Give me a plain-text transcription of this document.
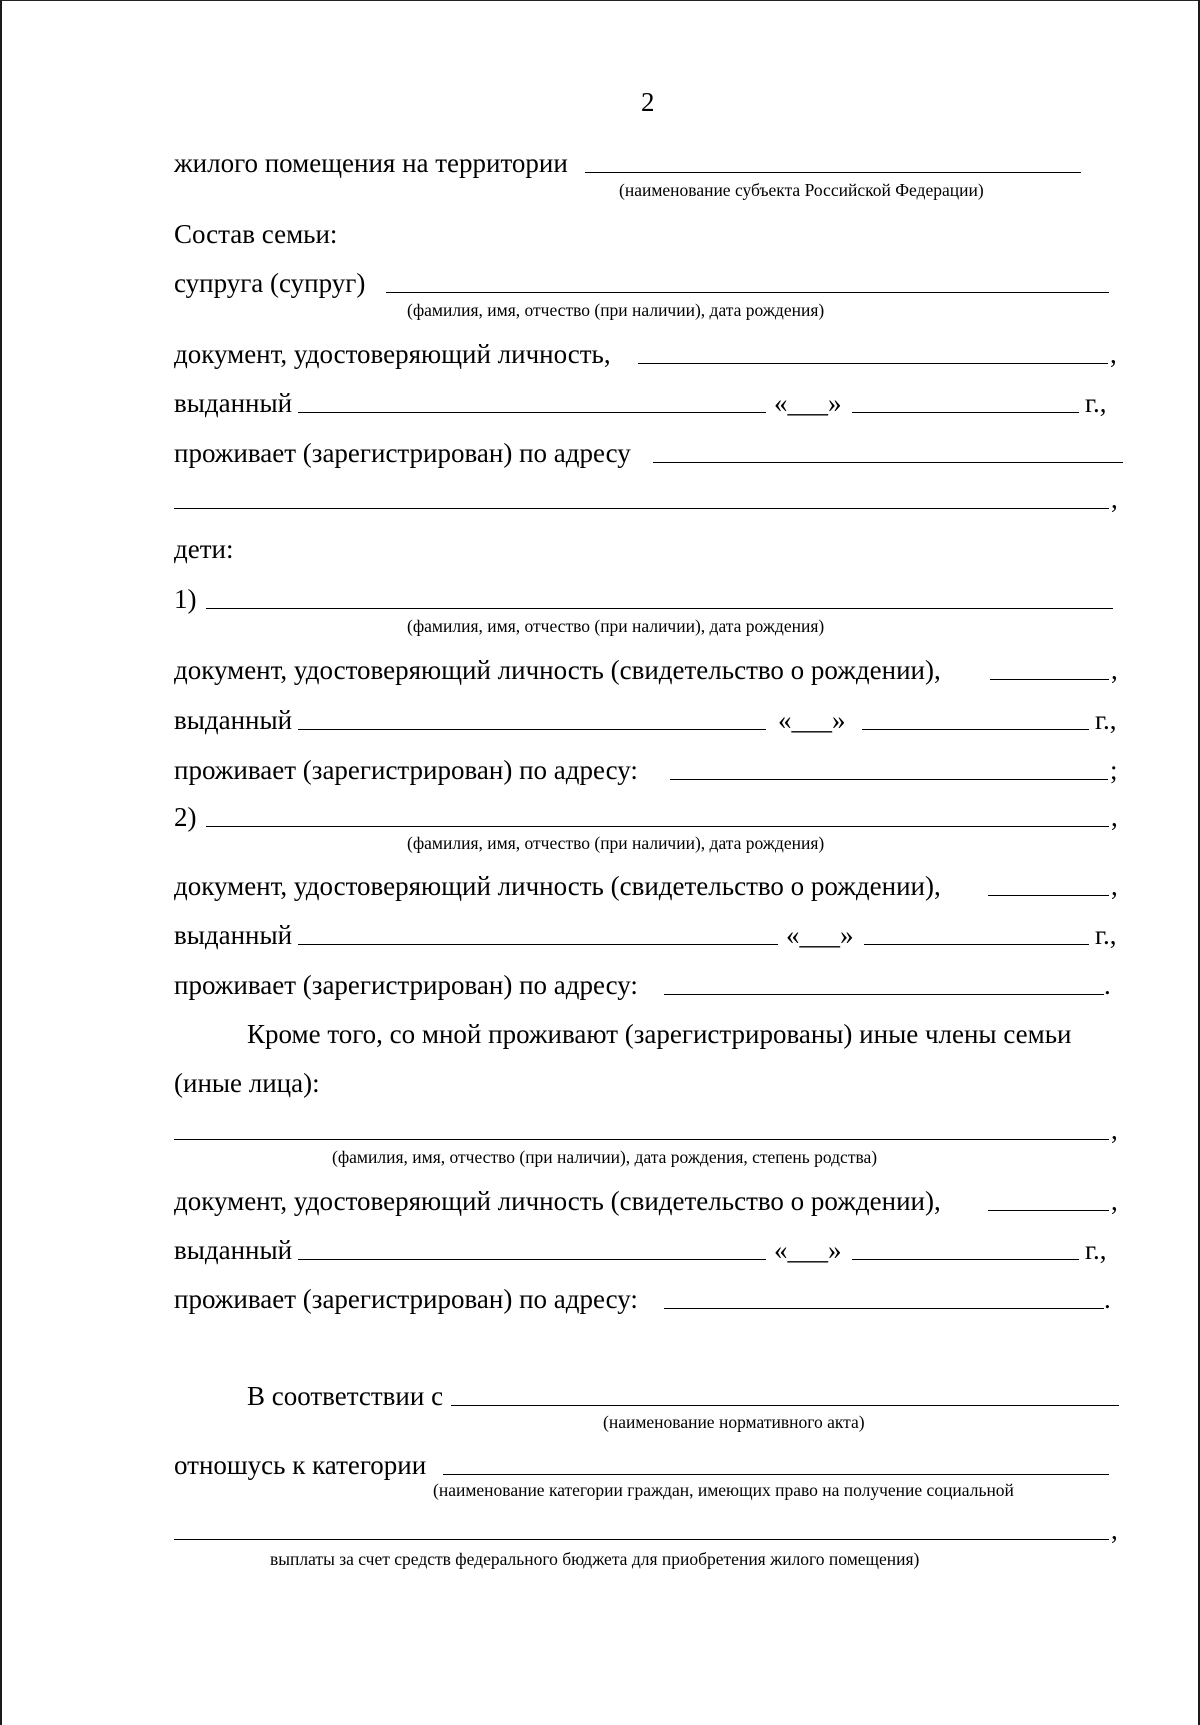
2
жилого помещения на территории
(наименование субъекта Российской Федерации)
Состав семьи:
супруга (супруг)
(фамилия, имя, отчество (при наличии), дата рождения)
документ, удостоверяющий личность,	,
выданный	«___»	г.,
проживает (зарегистрирован) по адресу
,
дети:
1)
(фамилия, имя, отчество (при наличии), дата рождения)
документ, удостоверяющий личность (свидетельство о рождении),	,
выданный	«___»	г.,
проживает (зарегистрирован) по адресу:	;
2)	,
(фамилия, имя, отчество (при наличии), дата рождения)
документ, удостоверяющий личность (свидетельство о рождении),	,
выданный	«___»	г.,
проживает (зарегистрирован) по адресу:	.
Кроме того, со мной проживают (зарегистрированы) иные члены семьи
(иные лица):
,
(фамилия, имя, отчество (при наличии), дата рождения, степень родства)
документ, удостоверяющий личность (свидетельство о рождении),	,
выданный	«___»	г.,
проживает (зарегистрирован) по адресу:	.
В соответствии с
(наименование нормативного акта)
отношусь к категории
(наименование категории граждан, имеющих право на получение социальной
,
выплаты за счет средств федерального бюджета для приобретения жилого помещения)
